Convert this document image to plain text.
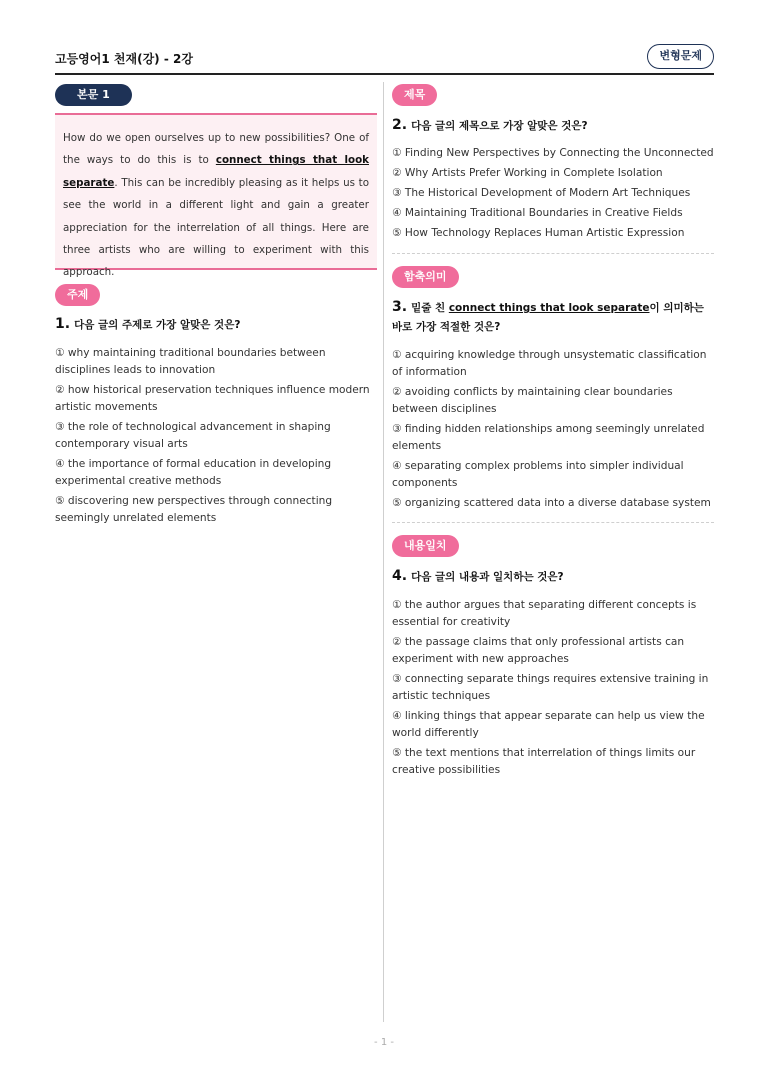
고등영어1 천재(강) - 2강	변형문제
본문 1

How do we open ourselves up to new possibilities? One of the ways to do this is to connect things that look separate. This can be incredibly pleasing as it helps us to see the world in a different light and gain a greater appreciation for the interrelation of all things. Here are three artists who are willing to experiment with this approach.

주제
1. 다음 글의 주제로 가장 알맞은 것은?
① why maintaining traditional boundaries between disciplines leads to innovation
② how historical preservation techniques influence modern artistic movements
③ the role of technological advancement in shaping contemporary visual arts
④ the importance of formal education in developing experimental creative methods
⑤ discovering new perspectives through connecting seemingly unrelated elements
제목
2. 다음 글의 제목으로 가장 알맞은 것은?
① Finding New Perspectives by Connecting the Unconnected
② Why Artists Prefer Working in Complete Isolation
③ The Historical Development of Modern Art Techniques
④ Maintaining Traditional Boundaries in Creative Fields
⑤ How Technology Replaces Human Artistic Expression
함축의미
3. 밑줄 친 connect things that look separate이 의미하는 바로 가장 적절한 것은?
① acquiring knowledge through unsystematic classification of information
② avoiding conflicts by maintaining clear boundaries between disciplines
③ finding hidden relationships among seemingly unrelated elements
④ separating complex problems into simpler individual components
⑤ organizing scattered data into a diverse database system
내용일치
4. 다음 글의 내용과 일치하는 것은?
① the author argues that separating different concepts is essential for creativity
② the passage claims that only professional artists can experiment with new approaches
③ connecting separate things requires extensive training in artistic techniques
④ linking things that appear separate can help us view the world differently
⑤ the text mentions that interrelation of things limits our creative possibilities
- 1 -
